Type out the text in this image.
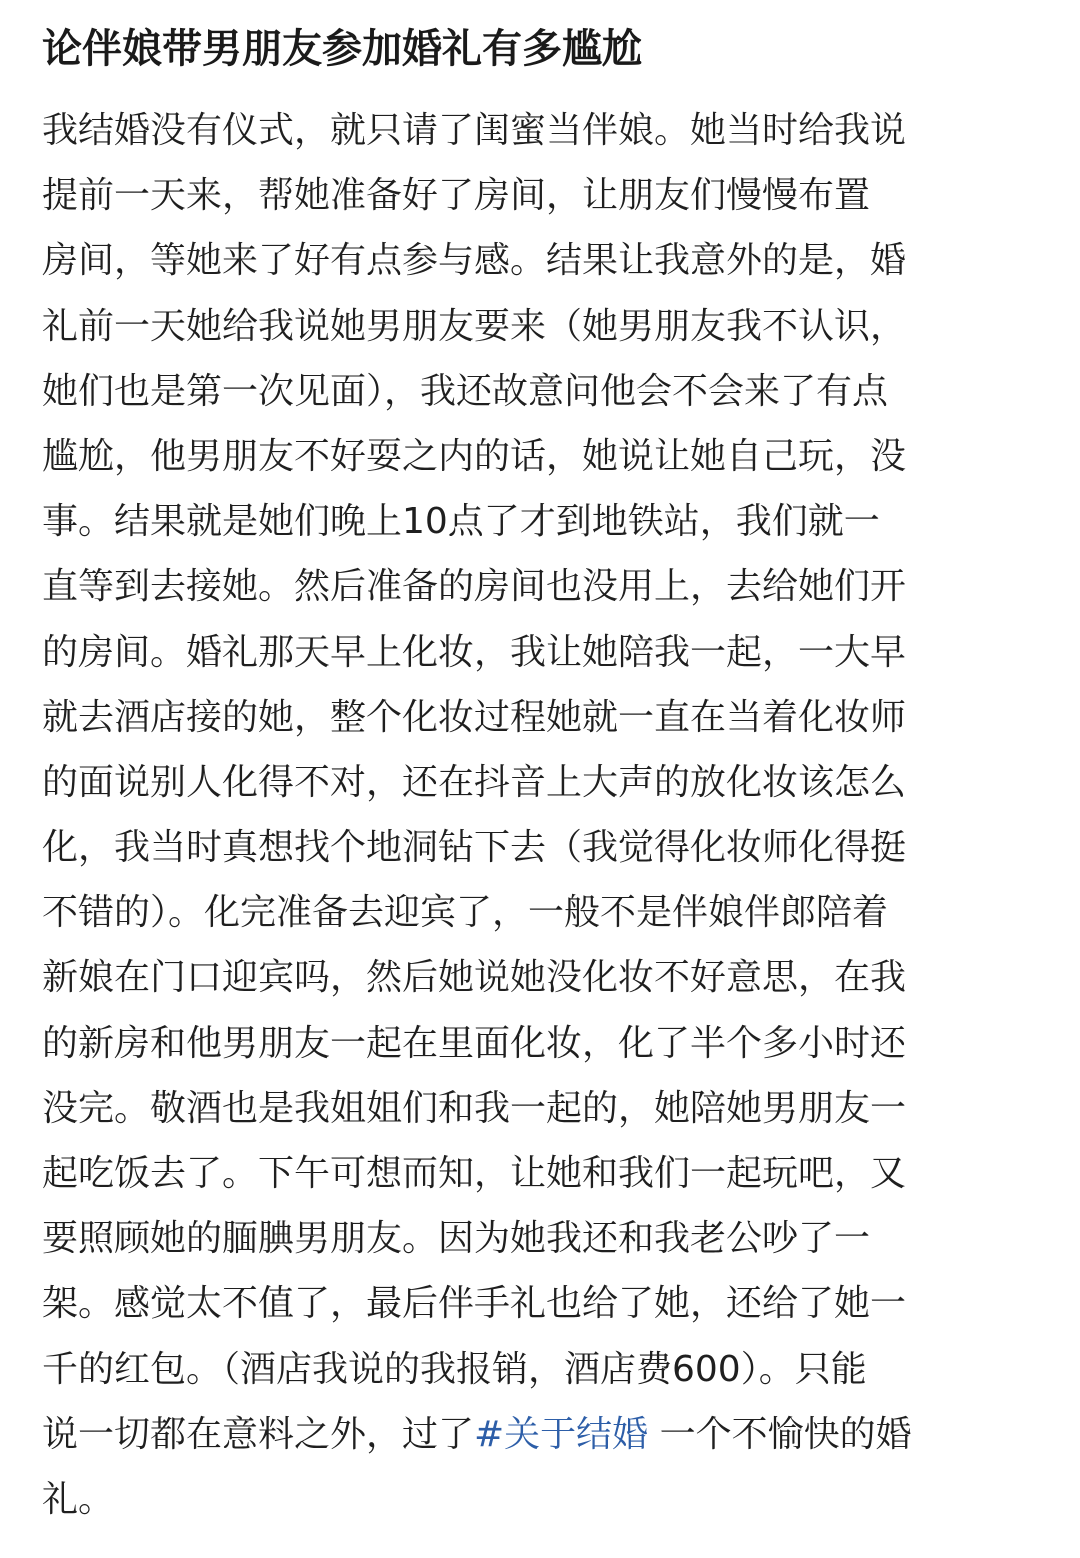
论伴娘带男朋友参加婚礼有多尴尬
我结婚没有仪式，就只请了闺蜜当伴娘。她当时给我说
提前一天来，帮她准备好了房间，让朋友们慢慢布置
房间，等她来了好有点参与感。结果让我意外的是，婚
礼前一天她给我说她男朋友要来（她男朋友我不认识，
她们也是第一次见面），我还故意问他会不会来了有点
尴尬，他男朋友不好耍之内的话，她说让她自己玩，没
事。结果就是她们晚上10点了才到地铁站，我们就一
直等到去接她。然后准备的房间也没用上，去给她们开
的房间。婚礼那天早上化妆，我让她陪我一起，一大早
就去酒店接的她，整个化妆过程她就一直在当着化妆师
的面说别人化得不对，还在抖音上大声的放化妆该怎么
化，我当时真想找个地洞钻下去（我觉得化妆师化得挺
不错的）。化完准备去迎宾了，一般不是伴娘伴郎陪着
新娘在门口迎宾吗，然后她说她没化妆不好意思，在我
的新房和他男朋友一起在里面化妆，化了半个多小时还
没完。敬酒也是我姐姐们和我一起的，她陪她男朋友一
起吃饭去了。下午可想而知，让她和我们一起玩吧，又
要照顾她的腼腆男朋友。因为她我还和我老公吵了一
架。感觉太不值了，最后伴手礼也给了她，还给了她一
千的红包。（酒店我说的我报销，酒店费600）。只能
说一切都在意料之外，过了#关于结婚 一个不愉快的婚
礼。
